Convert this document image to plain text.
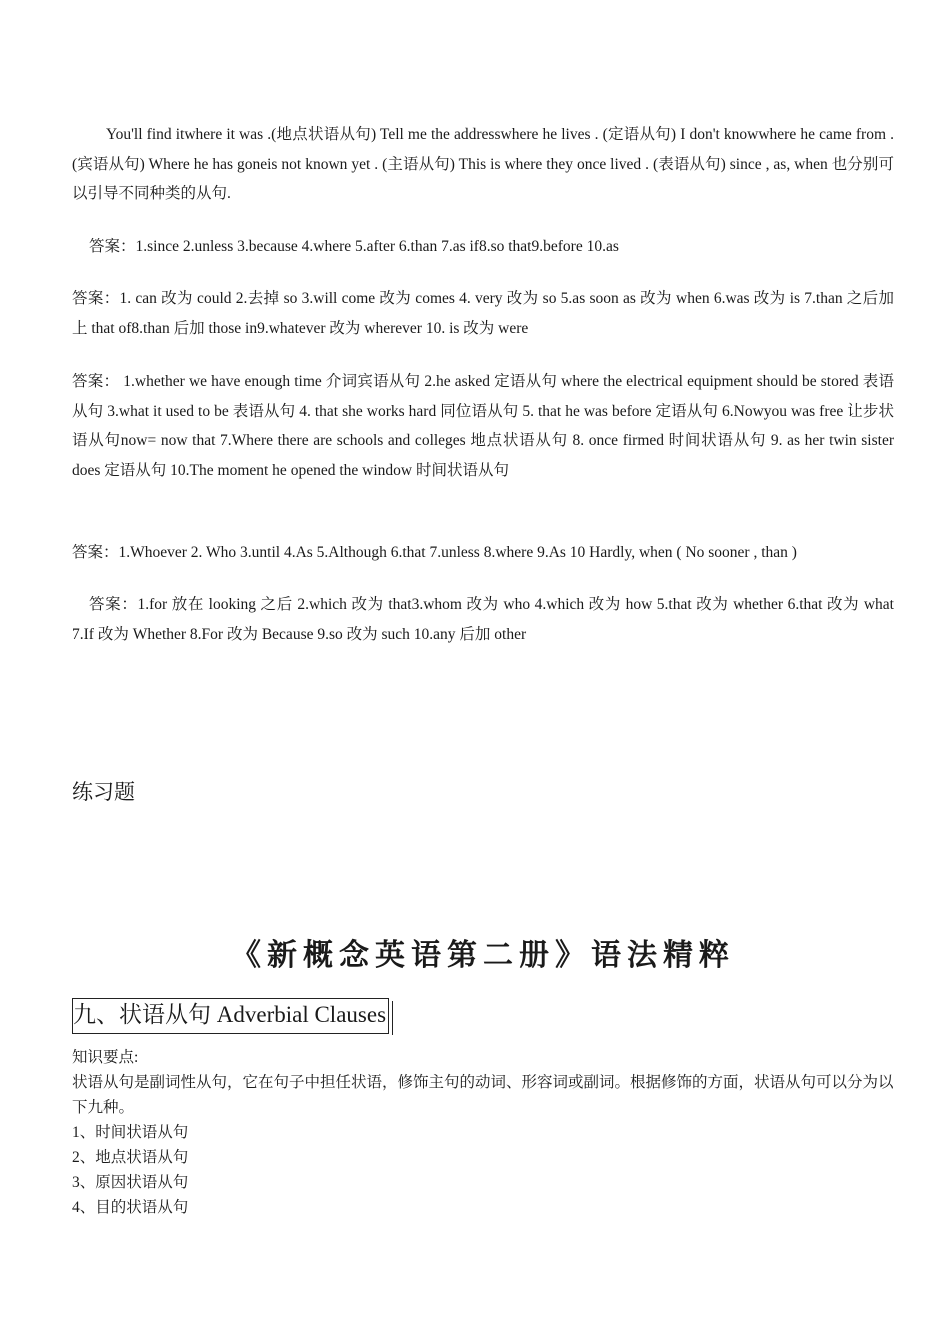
You'll find itwhere it was .(地点状语从句) Tell me the addresswhere he lives . (定语从句) I don't knowwhere he came from . (宾语从句) Where he has goneis not known yet . (主语从句) This is where they once lived . (表语从句) since , as, when 也分别可以引导不同种类的从句.

答案：1.since 2.unless 3.because 4.where 5.after 6.than 7.as if8.so that9.before 10.as

答案：1. can 改为 could 2.去掉 so 3.will come 改为 comes 4. very 改为 so 5.as soon as 改为 when 6.was 改为 is 7.than 之后加上 that of8.than 后加 those in9.whatever 改为 wherever 10. is 改为 were

答案： 1.whether we have enough time 介词宾语从句 2.he asked 定语从句 where the electrical equipment should be stored 表语从句 3.what it used to be 表语从句 4. that she works hard 同位语从句 5. that he was before 定语从句 6.Nowyou was free 让步状语从句now= now that 7.Where there are schools and colleges 地点状语从句 8. once firmed 时间状语从句 9. as her twin sister does 定语从句 10.The moment he opened the window 时间状语从句

答案：1.Whoever 2. Who 3.until 4.As 5.Although 6.that 7.unless 8.where 9.As 10 Hardly, when ( No sooner , than )

答案：1.for 放在 looking 之后 2.which 改为 that3.whom 改为 who 4.which 改为 how 5.that 改为 whether 6.that 改为 what 7.If 改为 Whether 8.For 改为 Because 9.so 改为 such 10.any 后加 other

练习题
《新概念英语第二册》语法精粹
九、状语从句 Adverbial Clauses

知识要点:

状语从句是副词性从句，它在句子中担任状语，修饰主句的动词、形容词或副词。根据修饰的方面，状语从句可以分为以下九种。

1、时间状语从句

2、地点状语从句

3、原因状语从句

4、目的状语从句
